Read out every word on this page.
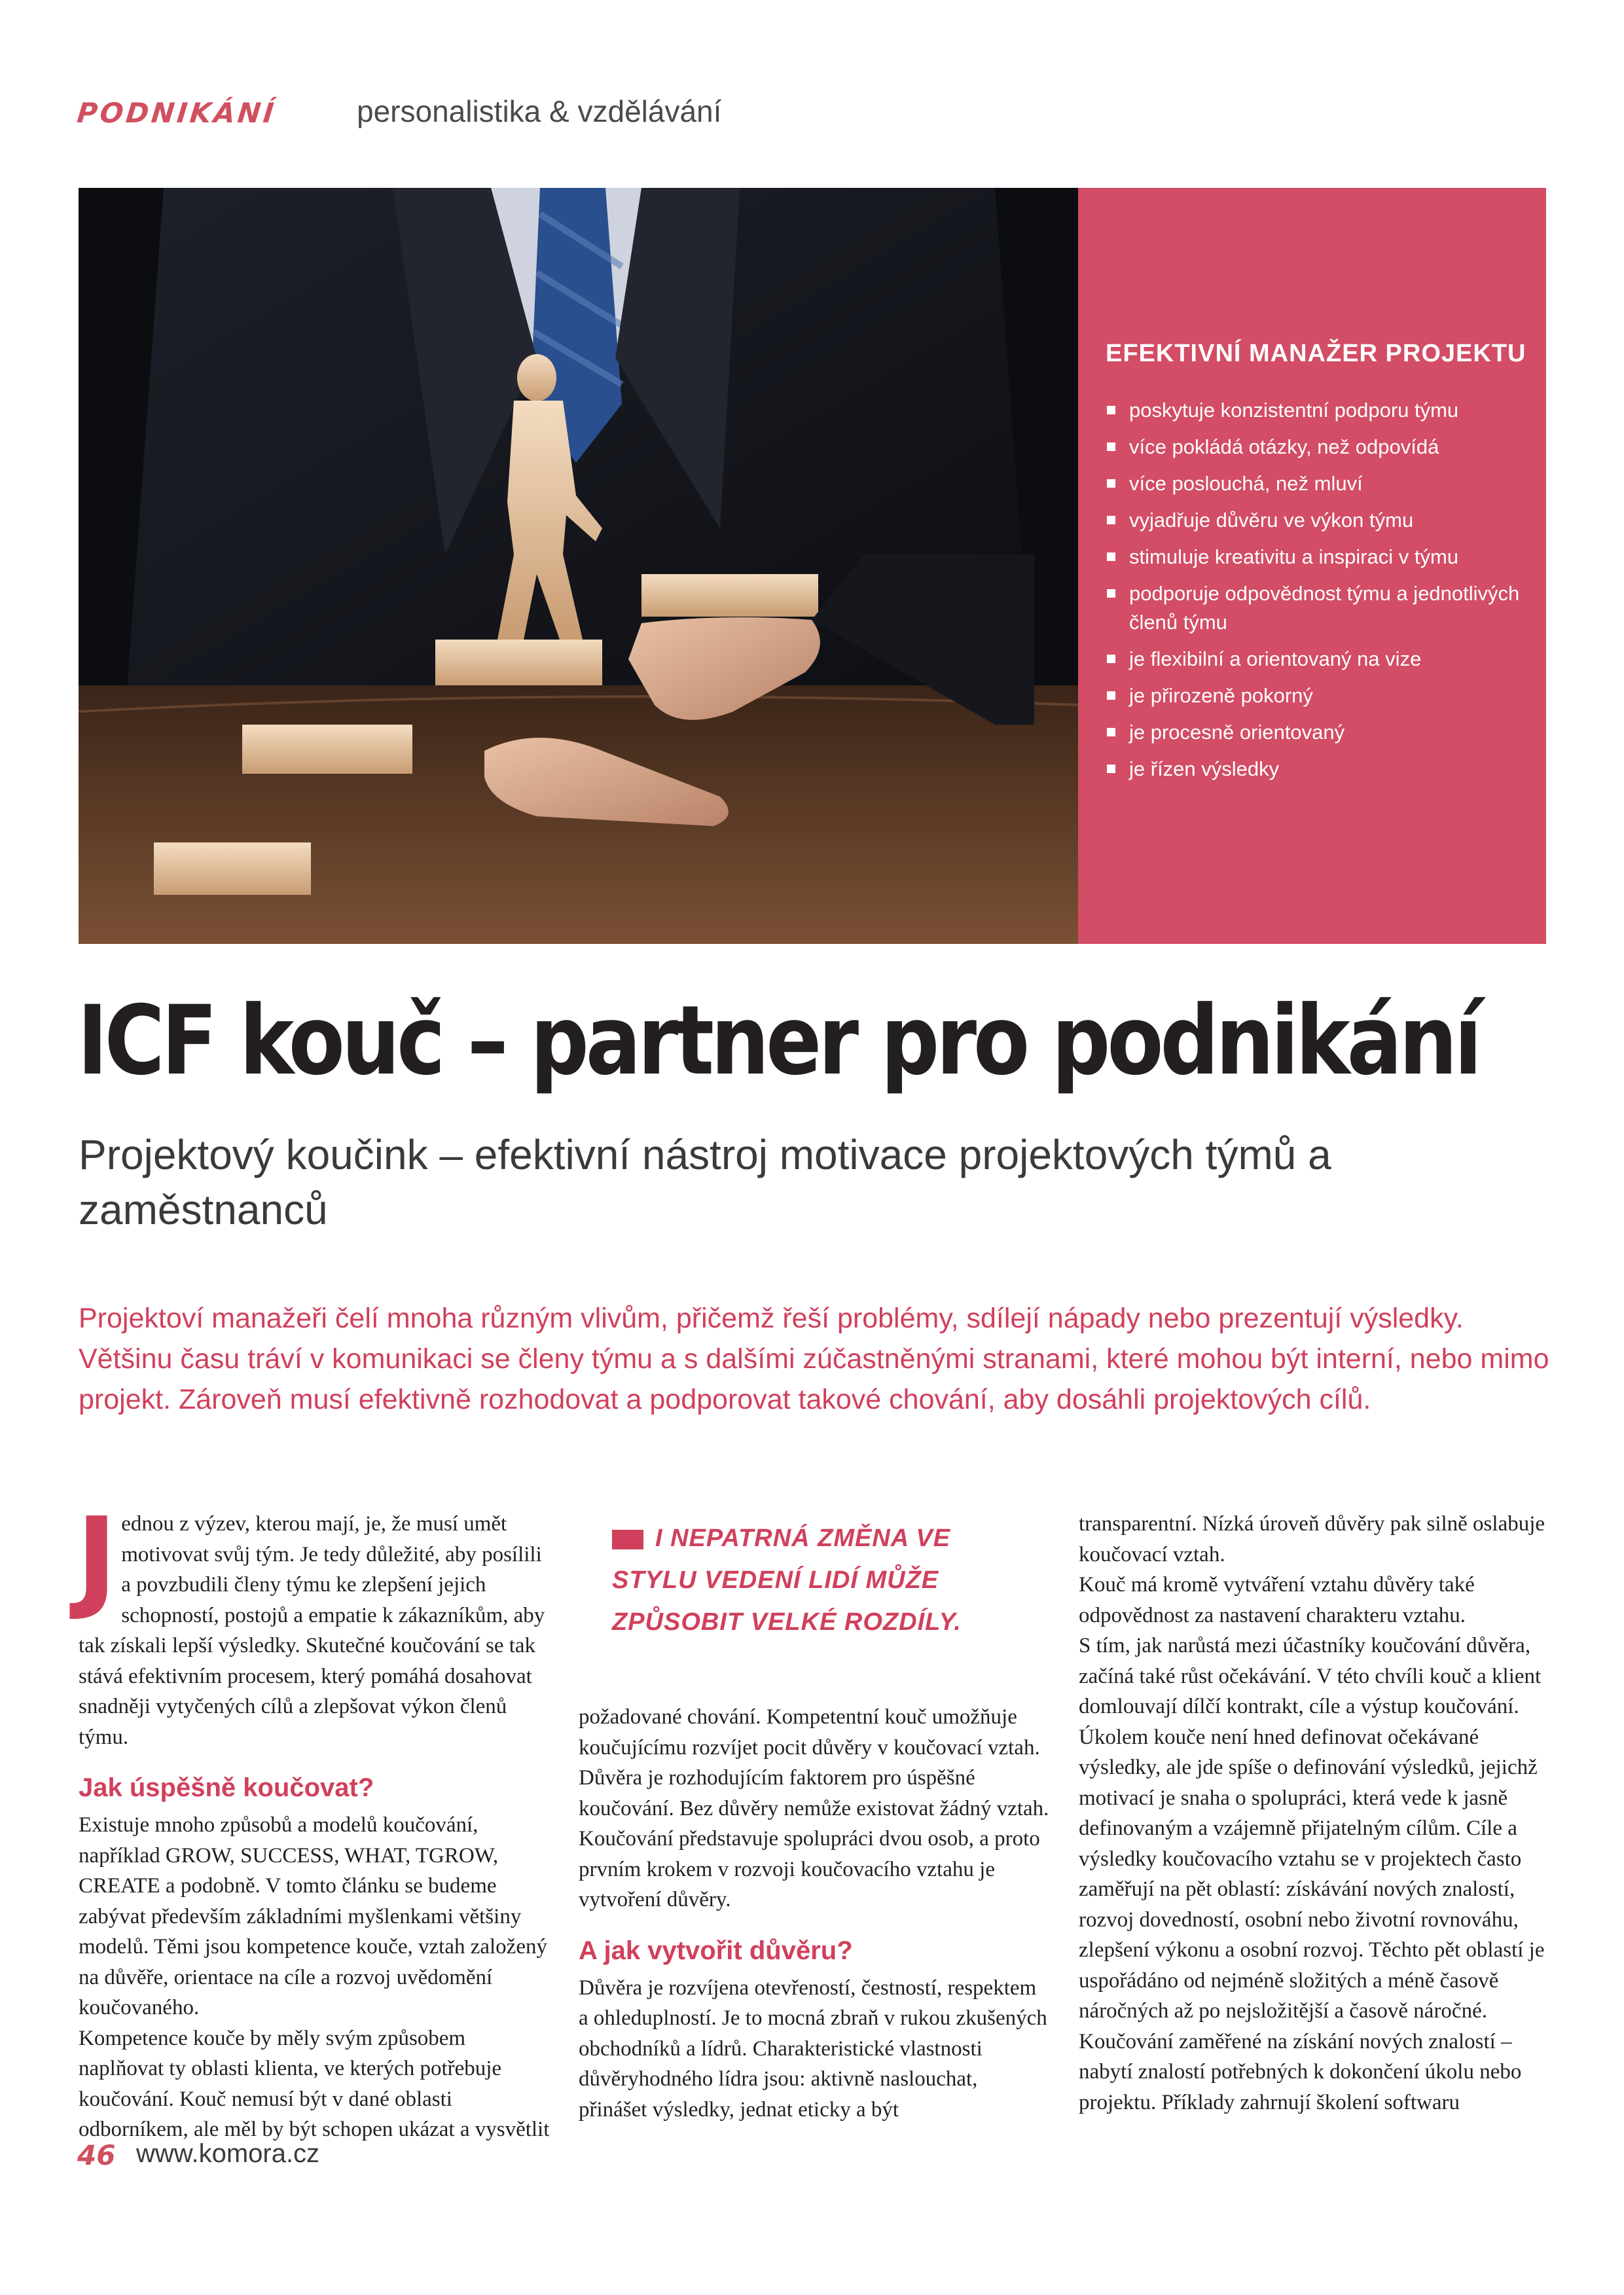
PODNIKÁNÍ	personalistika & vzdělávání
EFEKTIVNÍ MANAŽER PROJEKTU
poskytuje konzistentní podporu týmu
více pokládá otázky, než odpovídá
více poslouchá, než mluví
vyjadřuje důvěru ve výkon týmu
stimuluje kreativitu a inspiraci v týmu
podporuje odpovědnost týmu a jednotlivých členů týmu
je flexibilní a orientovaný na vize
je přirozeně pokorný
je procesně orientovaný
je řízen výsledky
ICF kouč – partner pro podnikání
Projektový koučink – efektivní nástroj motivace projektových týmů a zaměstnanců

Projektoví manažeři čelí mnoha různým vlivům, přičemž řeší problémy, sdílejí nápady nebo prezentují výsledky. Většinu času tráví v komunikaci se členy týmu a s dalšími zúčastněnými stranami, které mohou být interní, nebo mimo projekt. Zároveň musí efektivně rozhodovat a podporovat takové chování, aby dosáhli projektových cílů.

Jednou z výzev, kterou mají, je, že musí umět motivovat svůj tým. Je tedy důležité, aby posílili a povzbudili členy týmu ke zlepšení jejich schopností, postojů a empatie k zákazníkům, aby tak získali lepší výsledky. Skutečné koučování se tak stává efektivním procesem, který pomáhá dosahovat snadněji vytyčených cílů a zlepšovat výkon členů týmu.

Jak úspěšně koučovat?

Existuje mnoho způsobů a modelů koučování, například GROW, SUCCESS, WHAT, TGROW, CREATE a podobně. V tomto článku se budeme zabývat především základními myšlenkami většiny modelů. Těmi jsou kompetence kouče, vztah založený na důvěře, orientace na cíle a rozvoj uvědomění koučovaného.

Kompetence kouče by měly svým způsobem naplňovat ty oblasti klienta, ve kterých potřebuje koučování. Kouč nemusí být v dané oblasti odborníkem, ale měl by být schopen ukázat a vysvětlit

I NEPATRNÁ ZMĚNA VE STYLU VEDENÍ LIDÍ MŮŽE ZPŮSOBIT VELKÉ ROZDÍLY.

požadované chování. Kompetentní kouč umožňuje koučujícímu rozvíjet pocit důvěry v koučovací vztah.

Důvěra je rozhodujícím faktorem pro úspěšné koučování. Bez důvěry nemůže existovat žádný vztah. Koučování představuje spolupráci dvou osob, a proto prvním krokem v rozvoji koučovacího vztahu je vytvoření důvěry.

A jak vytvořit důvěru?

Důvěra je rozvíjena otevřeností, čestností, respektem a ohleduplností. Je to mocná zbraň v rukou zkušených obchodníků a lídrů. Charakteristické vlastnosti důvěryhodného lídra jsou: aktivně naslouchat, přinášet výsledky, jednat eticky a být

transparentní. Nízká úroveň důvěry pak silně oslabuje koučovací vztah.

Kouč má kromě vytváření vztahu důvěry také odpovědnost za nastavení charakteru vztahu.

S tím, jak narůstá mezi účastníky koučování důvěra, začíná také růst očekávání. V této chvíli kouč a klient domlouvají dílčí kontrakt, cíle a výstup koučování. Úkolem kouče není hned definovat očekávané výsledky, ale jde spíše o definování výsledků, jejichž motivací je snaha o spolupráci, která vede k jasně definovaným a vzájemně přijatelným cílům. Cíle a výsledky koučovacího vztahu se v projektech často zaměřují na pět oblastí: získávání nových znalostí, rozvoj dovedností, osobní nebo životní rovnováhu, zlepšení výkonu a osobní rozvoj. Těchto pět oblastí je uspořádáno od nejméně složitých a méně časově náročných až po nejsložitější a časově náročné.

Koučování zaměřené na získání nových znalostí – nabytí znalostí potřebných k dokončení úkolu nebo projektu. Příklady zahrnují školení softwaru

46 www.komora.cz
